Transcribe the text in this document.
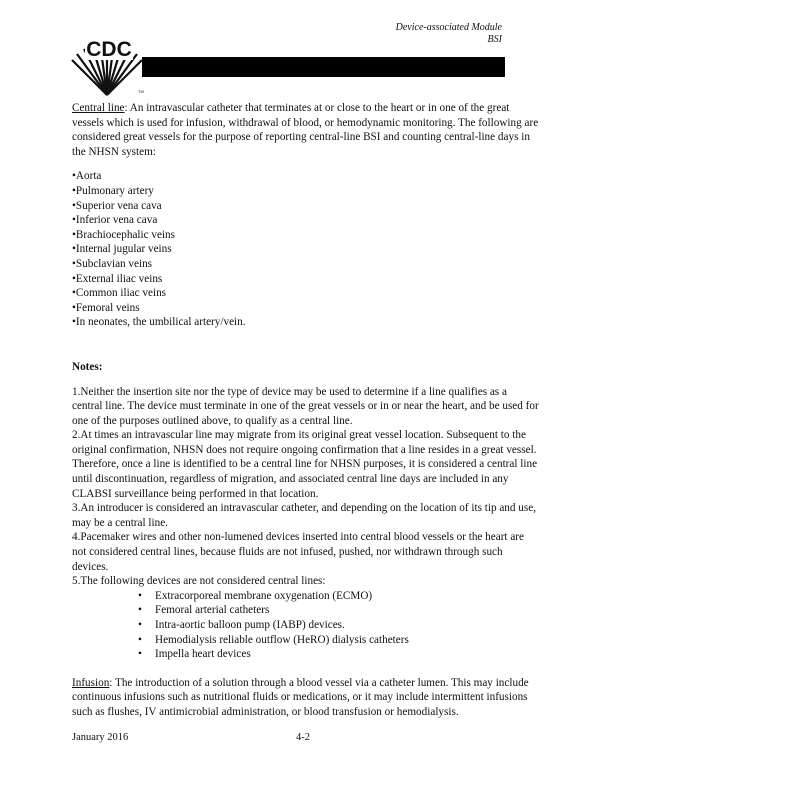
Device-associated Module
BSI
CDC
TM

Central line: An intravascular catheter that terminates at or close to the heart or in one of the great vessels which is used for infusion, withdrawal of blood, or hemodynamic monitoring. The following are considered great vessels for the purpose of reporting central-line BSI and counting central-line days in the NHSN system:

•Aorta
•Pulmonary artery
•Superior vena cava
•Inferior vena cava
•Brachiocephalic veins
•Internal jugular veins
•Subclavian veins
•External iliac veins
•Common iliac veins
•Femoral veins
•In neonates, the umbilical artery/vein.

Notes:

1.Neither the insertion site nor the type of device may be used to determine if a line qualifies as a central line. The device must terminate in one of the great vessels or in or near the heart, and be used for one of the purposes outlined above, to qualify as a central line.

2.At times an intravascular line may migrate from its original great vessel location. Subsequent to the original confirmation, NHSN does not require ongoing confirmation that a line resides in a great vessel. Therefore, once a line is identified to be a central line for NHSN purposes, it is considered a central line until discontinuation, regardless of migration, and associated central line days are included in any CLABSI surveillance being performed in that location.

3.An introducer is considered an intravascular catheter, and depending on the location of its tip and use, may be a central line.

4.Pacemaker wires and other non-lumened devices inserted into central blood vessels or the heart are not considered central lines, because fluids are not infused, pushed, nor withdrawn through such devices.

5.The following devices are not considered central lines:

• Extracorporeal membrane oxygenation (ECMO)
• Femoral arterial catheters
• Intra-aortic balloon pump (IABP) devices.
• Hemodialysis reliable outflow (HeRO) dialysis catheters
• Impella heart devices

Infusion: The introduction of a solution through a blood vessel via a catheter lumen. This may include continuous infusions such as nutritional fluids or medications, or it may include intermittent infusions such as flushes, IV antimicrobial administration, or blood transfusion or hemodialysis.

January 2016	4-2
